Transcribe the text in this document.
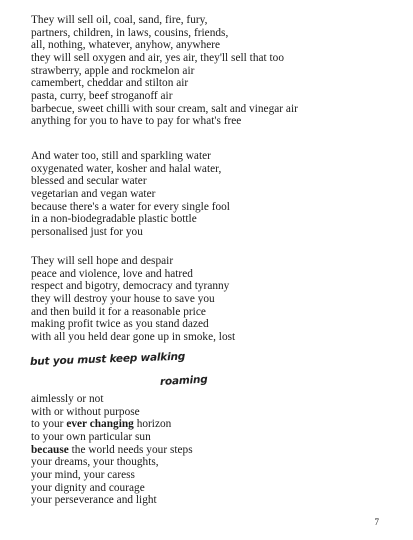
They will sell oil, coal, sand, fire, fury,
partners, children, in laws, cousins, friends,
all, nothing, whatever, anyhow, anywhere
they will sell oxygen and air, yes air, they'll sell that too
strawberry, apple and rockmelon air
camembert, cheddar and stilton air
pasta, curry, beef stroganoff air
barbecue, sweet chilli with sour cream, salt and vinegar air
anything for you to have to pay for what's free
And water too, still and sparkling water
oxygenated water, kosher and halal water,
blessed and secular water
vegetarian and vegan water
because there's a water for every single fool
in a non-biodegradable plastic bottle
personalised just for you
They will sell hope and despair
peace and violence, love and hatred
respect and bigotry, democracy and tyranny
they will destroy your house to save you
and then build it for a reasonable price
making profit twice as you stand dazed
with all you held dear gone up in smoke, lost
but you must keep walking
roaming
aimlessly or not
with or without purpose
to your ever changing horizon
to your own particular sun
because the world needs your steps
your dreams, your thoughts,
your mind, your caress
your dignity and courage
your perseverance and light
7
